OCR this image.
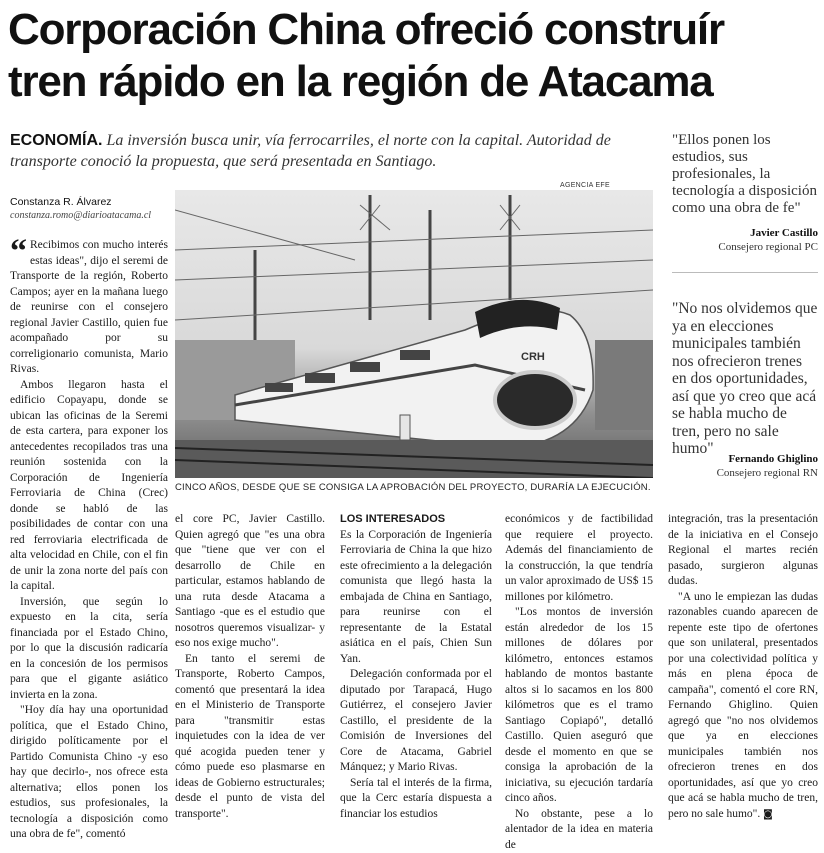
Corporación China ofreció construír
tren rápido en la región de Atacama
ECONOMÍA. La inversión busca unir, vía ferrocarriles, el norte con la capital. Autoridad de transporte conoció la propuesta, que será presentada en Santiago.
Constanza R. Álvarez
constanza.romo@diarioatacama.cl

“ Recibimos con mucho interés estas ideas", dijo el seremi de Transporte de la región, Roberto Campos; ayer en la mañana luego de reunirse con el consejero regional Javier Castillo, quien fue acompañado por su correligionario comunista, Mario Rivas.

Ambos llegaron hasta el edificio Copayapu, donde se ubican las oficinas de la Seremi de esta cartera, para exponer los antecedentes recopilados tras una reunión sostenida con la Corporación de Ingeniería Ferroviaria de China (Crec) donde se habló de las posibilidades de contar con una red ferroviaria electrificada de alta velocidad en Chile, con el fin de unir la zona norte del país con la capital.

Inversión, que según lo expuesto en la cita, sería financiada por el Estado Chino, por lo que la discusión radicaría en la concesión de los permisos para que el gigante asiático invierta en la zona.

"Hoy día hay una oportunidad política, que el Estado Chino, dirigido políticamente por el Partido Comunista Chino -y eso hay que decirlo-, nos ofrece esta alternativa; ellos ponen los estudios, sus profesionales, la tecnología a disposición como una obra de fe", comentó

AGENCIA EFE
CRH
CINCO AÑOS, DESDE QUE SE CONSIGA LA APROBACIÓN DEL PROYECTO, DURARÍA LA EJECUCIÓN.

el core PC, Javier Castillo. Quien agregó que "es una obra que "tiene que ver con el desarrollo de Chile en particular, estamos hablando de una ruta desde Atacama a Santiago -que es el estudio que nosotros queremos visualizar- y eso nos exige mucho".

En tanto el seremi de Transporte, Roberto Campos, comentó que presentará la idea en el Ministerio de Transporte para "transmitir estas inquietudes con la idea de ver qué acogida pueden tener y cómo puede eso plasmarse en ideas de Gobierno estructurales; desde el punto de vista del transporte".

LOS INTERESADOS

Es la Corporación de Ingeniería Ferroviaria de China la que hizo este ofrecimiento a la delegación comunista que llegó hasta la embajada de China en Santiago, para reunirse con el representante de la Estatal asiática en el país, Chien Sun Yan.

Delegación conformada por el diputado por Tarapacá, Hugo Gutiérrez, el consejero Javier Castillo, el presidente de la Comisión de Inversiones del Core de Atacama, Gabriel Mánquez; y Mario Rivas.

Sería tal el interés de la firma, que la Cerc estaría dispuesta a financiar los estudios

económicos y de factibilidad que requiere el proyecto. Además del financiamiento de la construcción, la que tendría un valor aproximado de US$ 15 millones por kilómetro.

"Los montos de inversión están alrededor de los 15 millones de dólares por kilómetro, entonces estamos hablando de montos bastante altos si lo sacamos en los 800 kilómetros que es el tramo Santiago Copiapó", detalló Castillo. Quien aseguró que desde el momento en que se consiga la aprobación de la iniciativa, su ejecución tardaría cinco años.

No obstante, pese a lo alentador de la idea en materia de

integración, tras la presentación de la iniciativa en el Consejo Regional el martes recién pasado, surgieron algunas dudas.

"A uno le empiezan las dudas razonables cuando aparecen de repente este tipo de ofertones que son unilateral, presentados por una colectividad política y más en plena época de campaña", comentó el core RN, Fernando Ghiglino. Quien agregó que "no nos olvidemos que ya en elecciones municipales también nos ofrecieron trenes en dos oportunidades, así que yo creo que acá se habla mucho de tren, pero no sale humo". ◙

"Ellos ponen los estudios, sus profesionales, la tecnología a disposición como una obra de fe"
Javier Castillo
Consejero regional PC
"No nos olvidemos que ya en elecciones municipales también nos ofrecieron trenes en dos oportunidades, así que yo creo que acá se habla mucho de tren, pero no sale humo"
Fernando Ghiglino
Consejero regional RN
